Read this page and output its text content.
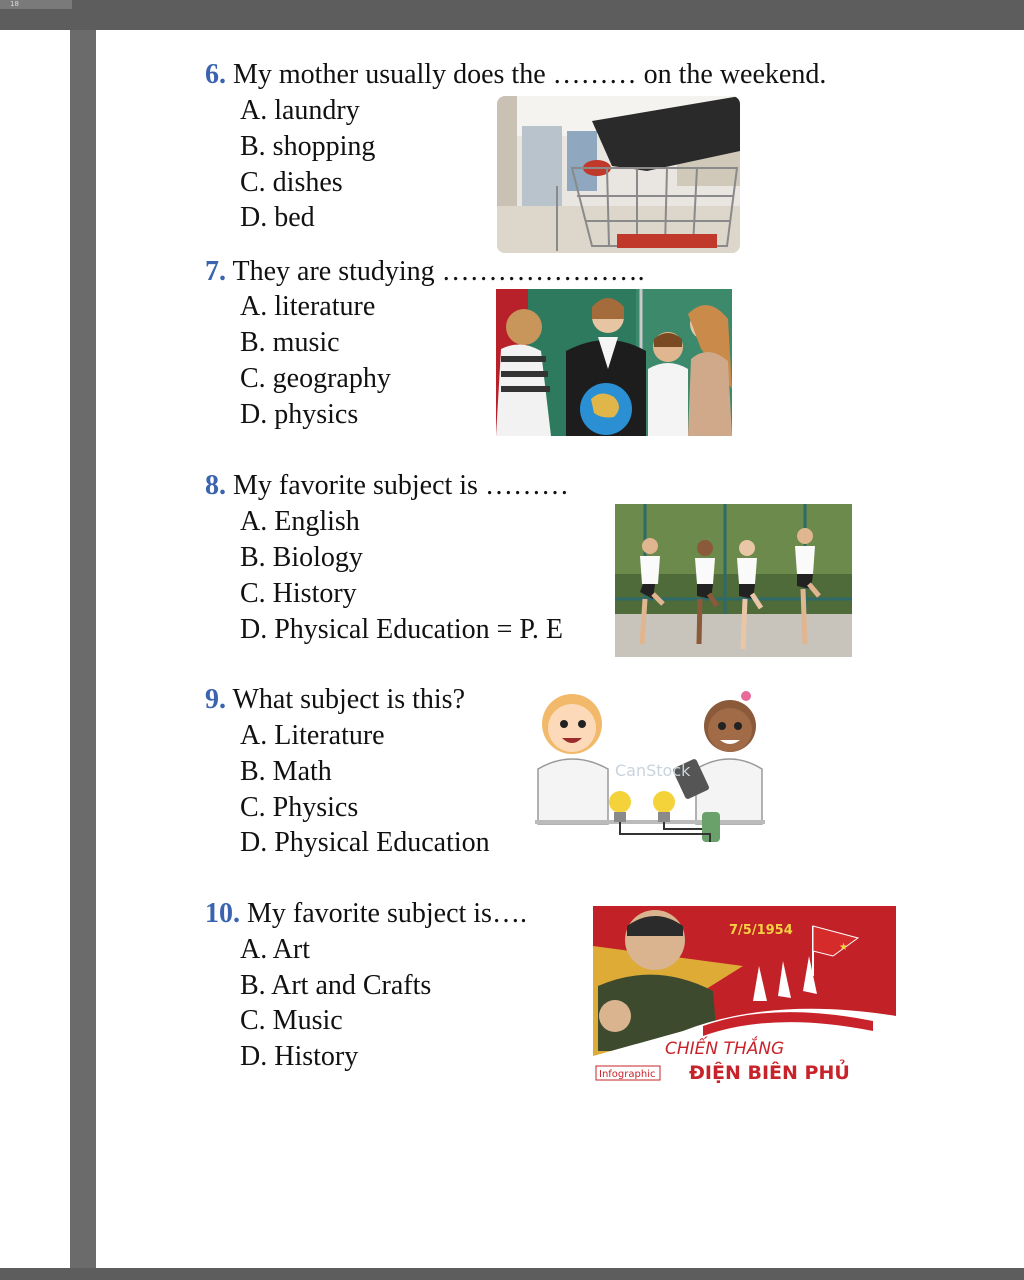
18
6. My mother usually does the ……… on the weekend.
A. laundry
B. shopping
C. dishes
D. bed
7. They are studying ………………….
A. literature
B. music
C. geography
D. physics
8. My favorite subject is ………
A. English
B. Biology
C. History
D. Physical Education = P. E
9. What subject is this?
A. Literature
B. Math
C. Physics
D. Physical Education
CanStock
10. My favorite subject is….
A. Art
B. Art and Crafts
C. Music
D. History
★
7/5/1954
CHIẾN THẮNG
ĐIỆN BIÊN PHỦ
Infographic
